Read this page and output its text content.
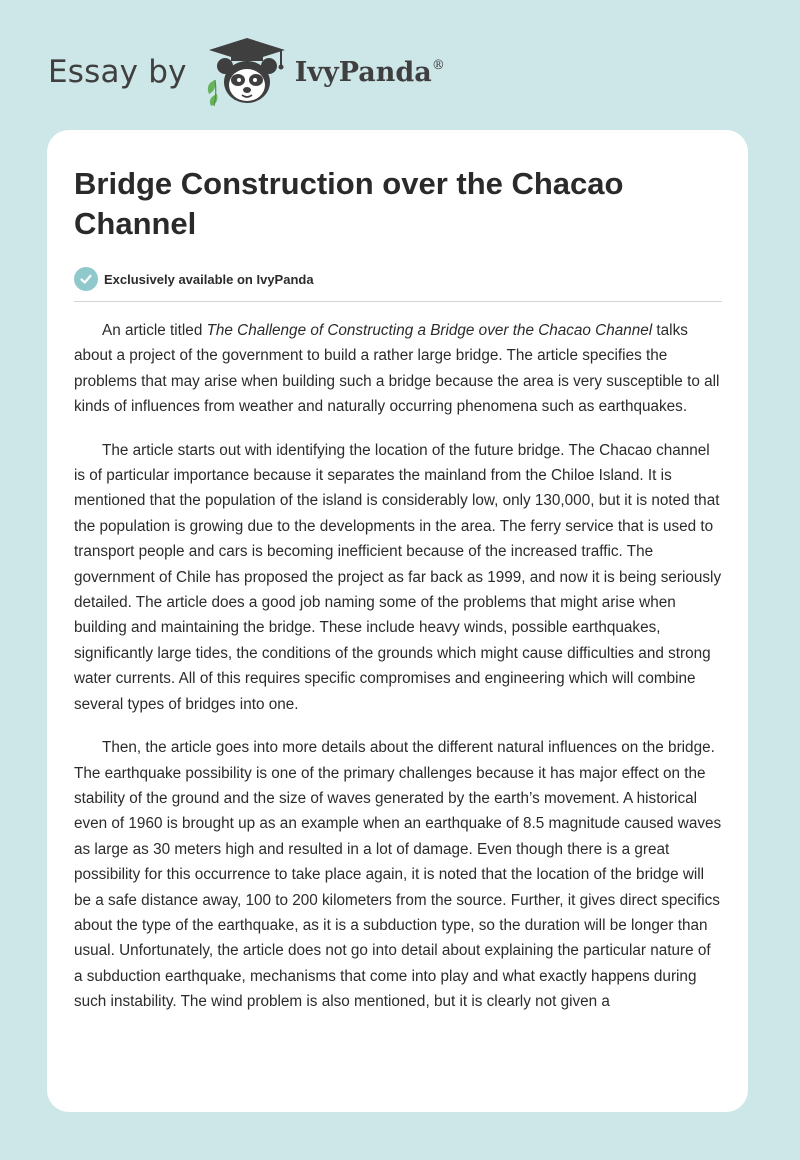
Essay by	IvyPanda®
Bridge Construction over the Chacao Channel
Exclusively available on IvyPanda

An article titled The Challenge of Constructing a Bridge over the Chacao Channel talks about a project of the government to build a rather large bridge. The article specifies the problems that may arise when building such a bridge because the area is very susceptible to all kinds of influences from weather and naturally occurring phenomena such as earthquakes.

The article starts out with identifying the location of the future bridge. The Chacao channel is of particular importance because it separates the mainland from the Chiloe Island. It is mentioned that the population of the island is considerably low, only 130,000, but it is noted that the population is growing due to the developments in the area. The ferry service that is used to transport people and cars is becoming inefficient because of the increased traffic. The government of Chile has proposed the project as far back as 1999, and now it is being seriously detailed. The article does a good job naming some of the problems that might arise when building and maintaining the bridge. These include heavy winds, possible earthquakes, significantly large tides, the conditions of the grounds which might cause difficulties and strong water currents. All of this requires specific compromises and engineering which will combine several types of bridges into one.

Then, the article goes into more details about the different natural influences on the bridge. The earthquake possibility is one of the primary challenges because it has major effect on the stability of the ground and the size of waves generated by the earth’s movement. A historical even of 1960 is brought up as an example when an earthquake of 8.5 magnitude caused waves as large as 30 meters high and resulted in a lot of damage. Even though there is a great possibility for this occurrence to take place again, it is noted that the location of the bridge will be a safe distance away, 100 to 200 kilometers from the source. Further, it gives direct specifics about the type of the earthquake, as it is a subduction type, so the duration will be longer than usual. Unfortunately, the article does not go into detail about explaining the particular nature of a subduction earthquake, mechanisms that come into play and what exactly happens during such instability. The wind problem is also mentioned, but it is clearly not given a
